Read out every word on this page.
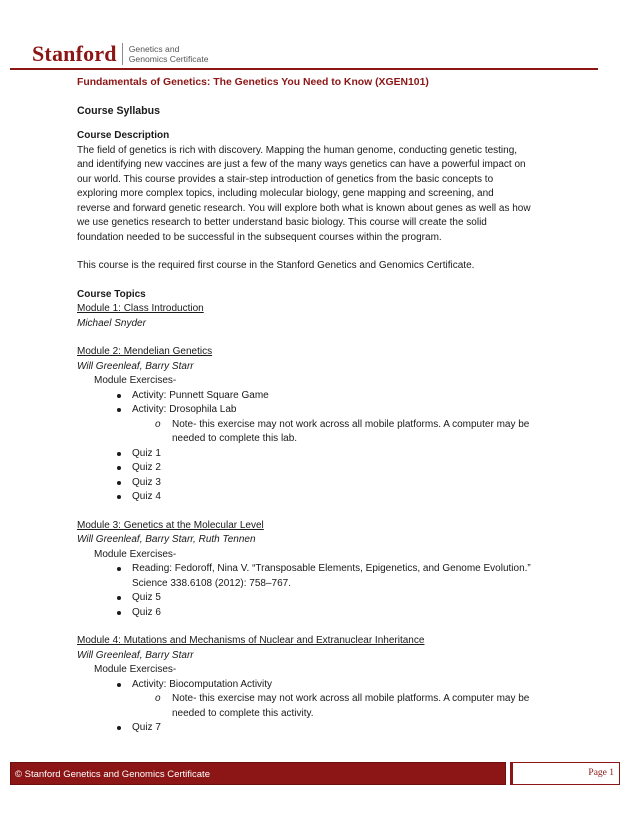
Stanford Genetics and
Genomics Certificate
Fundamentals of Genetics: The Genetics You Need to Know (XGEN101)
Course Syllabus
Course Description
The field of genetics is rich with discovery. Mapping the human genome, conducting genetic testing,
and identifying new vaccines are just a few of the many ways genetics can have a powerful impact on
our world. This course provides a stair-step introduction of genetics from the basic concepts to
exploring more complex topics, including molecular biology, gene mapping and screening, and
reverse and forward genetic research. You will explore both what is known about genes as well as how
we use genetics research to better understand basic biology. This course will create the solid
foundation needed to be successful in the subsequent courses within the program.
This course is the required first course in the Stanford Genetics and Genomics Certificate.
Course Topics
Module 1: Class Introduction
Michael Snyder
Module 2: Mendelian Genetics
Will Greenleaf, Barry Starr
Module Exercises-
Activity: Punnett Square Game
Activity: Drosophila Lab
o Note- this exercise may not work across all mobile platforms. A computer may be
needed to complete this lab.
Quiz 1
Quiz 2
Quiz 3
Quiz 4
Module 3: Genetics at the Molecular Level
Will Greenleaf, Barry Starr, Ruth Tennen
Module Exercises-
Reading: Fedoroff, Nina V. “Transposable Elements, Epigenetics, and Genome Evolution.”
Science 338.6108 (2012): 758–767.
Quiz 5
Quiz 6
Module 4: Mutations and Mechanisms of Nuclear and Extranuclear Inheritance
Will Greenleaf, Barry Starr
Module Exercises-
Activity: Biocomputation Activity
o Note- this exercise may not work across all mobile platforms. A computer may be
needed to complete this activity.
Quiz 7
© Stanford Genetics and Genomics Certificate	Page 1
